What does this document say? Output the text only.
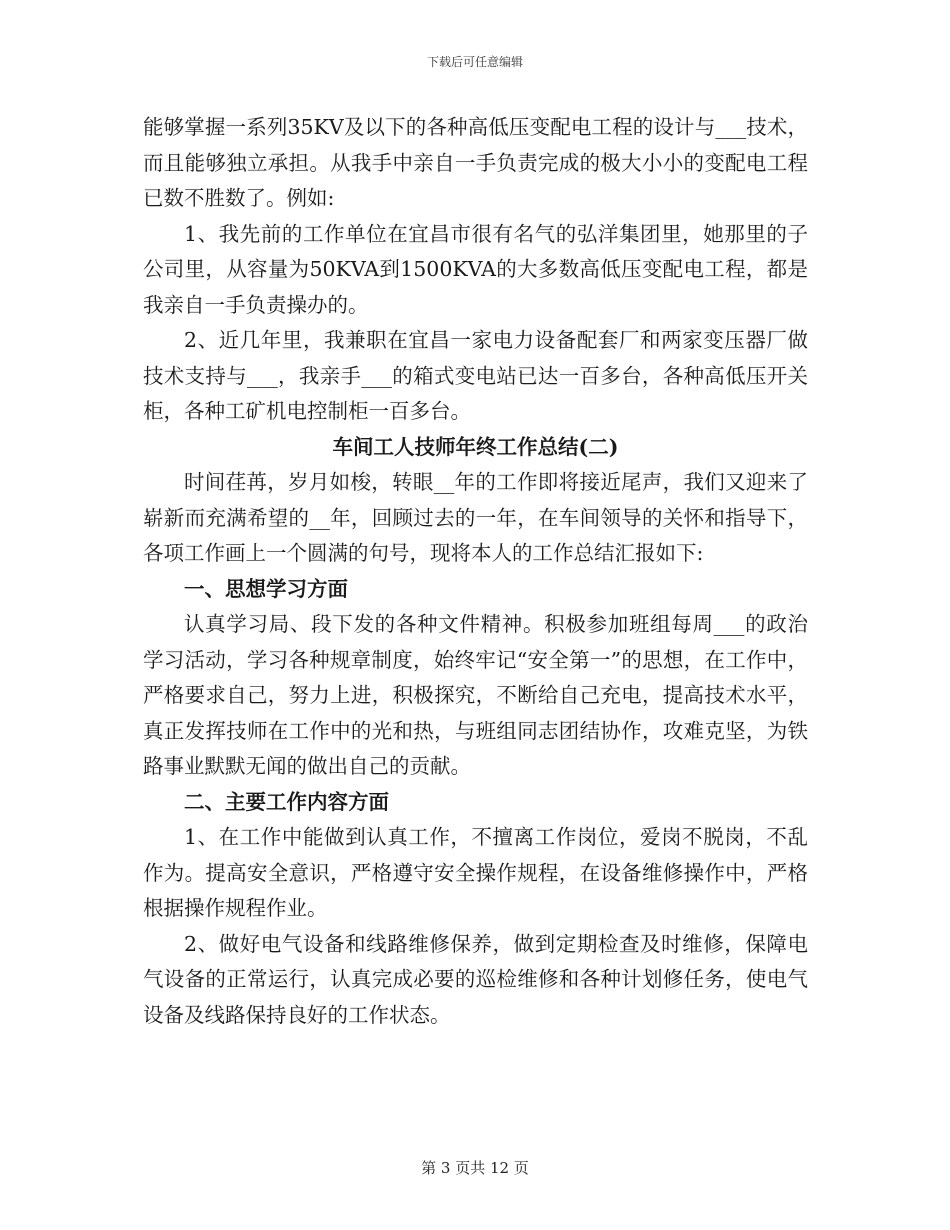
下载后可任意编辑

能够掌握一系列35KV及以下的各种高低压变配电工程的设计与___技术，而且能够独立承担。从我手中亲自一手负责完成的极大小小的变配电工程已数不胜数了。例如:

1、我先前的工作单位在宜昌市很有名气的弘洋集团里，她那里的子公司里，从容量为50KVA到1500KVA的大多数高低压变配电工程，都是我亲自一手负责操办的。

2、近几年里，我兼职在宜昌一家电力设备配套厂和两家变压器厂做技术支持与___，我亲手___的箱式变电站已达一百多台，各种高低压开关柜，各种工矿机电控制柜一百多台。

车间工人技师年终工作总结(二)

时间荏苒，岁月如梭，转眼__年的工作即将接近尾声，我们又迎来了崭新而充满希望的__年，回顾过去的一年，在车间领导的关怀和指导下，各项工作画上一个圆满的句号，现将本人的工作总结汇报如下:

一、思想学习方面

认真学习局、段下发的各种文件精神。积极参加班组每周___的政治学习活动，学习各种规章制度，始终牢记“安全第一”的思想，在工作中，严格要求自己，努力上进，积极探究，不断给自己充电，提高技术水平，真正发挥技师在工作中的光和热，与班组同志团结协作，攻难克坚，为铁路事业默默无闻的做出自己的贡献。

二、主要工作内容方面

1、在工作中能做到认真工作，不擅离工作岗位，爱岗不脱岗，不乱作为。提高安全意识，严格遵守安全操作规程，在设备维修操作中，严格根据操作规程作业。

2、做好电气设备和线路维修保养，做到定期检查及时维修，保障电气设备的正常运行，认真完成必要的巡检维修和各种计划修任务，使电气设备及线路保持良好的工作状态。

第 3 页共 12 页
